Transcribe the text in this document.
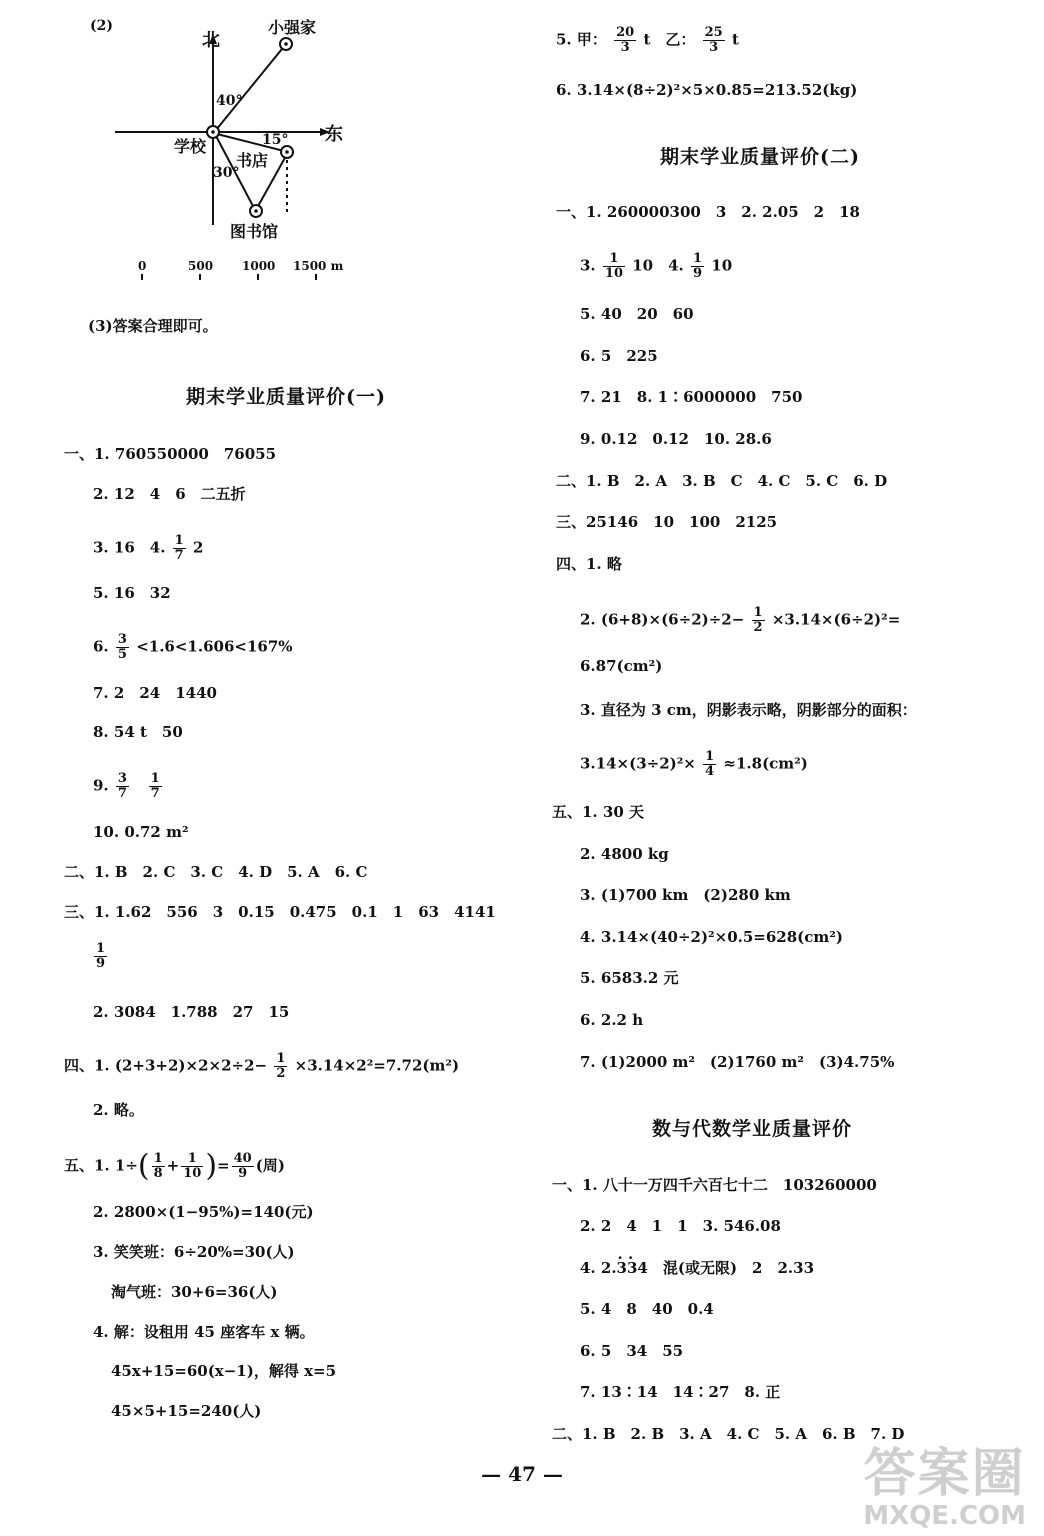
(2)
北
东
小强家
学校
书店
图书馆
40°
15°
30°
0	500 1000 1500 m
(3)答案合理即可。
期末学业质量评价(一)
一、1. 760550000　76055
2. 12　4　6　二五折
3. 16　4. $\frac{1}{7} 2$
5. 16　32
6. $\frac{3}{5} <1.6<1.606<167\%$
7. 2　24　1440
8. 54 t　50
9. $\frac{3}{7}$
$\frac{1}{7}$
10. 0.72 m²
二、1. B　2. C　3. C　4. D　5. A　6. C
三、1. 1.62　556　3　0.15　0.475　0.1　1　63　4141
$\frac{1}{9}$
2. 3084　1.788　27　15
四、1. $(2+3+2)\times 2\times 2\div 2- \frac{1}{2} \times 3.14\times 2^2=7.72(m^2)$
2. 略。
五、1. $1\div( \frac{1}{8} + \frac{1}{10}$ )= $\frac{40}{9}$ (周)
2. 2800×(1−95%)=140(元)
3. 笑笑班：6÷20%=30(人)
淘气班：30+6=36(人)
4. 解：设租用 45 座客车 x 辆。
45x+15=60(x−1)，解得 x=5
45×5+15=240(人)
5. 甲： $\frac{20}{3}$ t　乙： $\frac{25}{3}$ t
6. 3.14×(8÷2)²×5×0.85=213.52(kg)
期末学业质量评价(二)
一、1. 260000300　3　2. 2.05　2　18
3. $\frac{1}{10} 10$　4. $\frac{1}{9} 10$
5. 40　20　60
6. 5　225
7. 21　8. 1∶6000000　750
9. 0.12　0.12　10. 28.6
二、1. B　2. A　3. B　C　4. C　5. C　6. D
三、25146　10　100　2125
四、1. 略
2. $(6+8)\times(6\div 2)\div 2- \frac{1}{2} \times 3.14\times(6\div 2)^2=$
6.87(cm²)
3. 直径为 3 cm，阴影表示略，阴影部分的面积：
$3.14\times(3\div 2)^2\times \frac{1}{4} \approx 1.8(cm^2)$
五、1. 30 天
2. 4800 kg
3. (1)700 km　(2)280 km
4. 3.14×(40÷2)²×0.5=628(cm²)
5. 6583.2 元
6. 2.2 h
7. (1)2000 m²　(2)1760 m²　(3)4.75%
数与代数学业质量评价
一、1. 八十一万四千六百七十二　103260000
2. 2　4　1　1　3. 546.08
4. 2.. 3. 34　混(或无限)　2　2.33
5. 4　8　40　0.4
6. 5　34　55
7. 13∶14　14∶27　8. 正
二、1. B　2. B　3. A　4. C　5. A　6. B　7. D
— 47 —	答案圈
MXQE.COM
